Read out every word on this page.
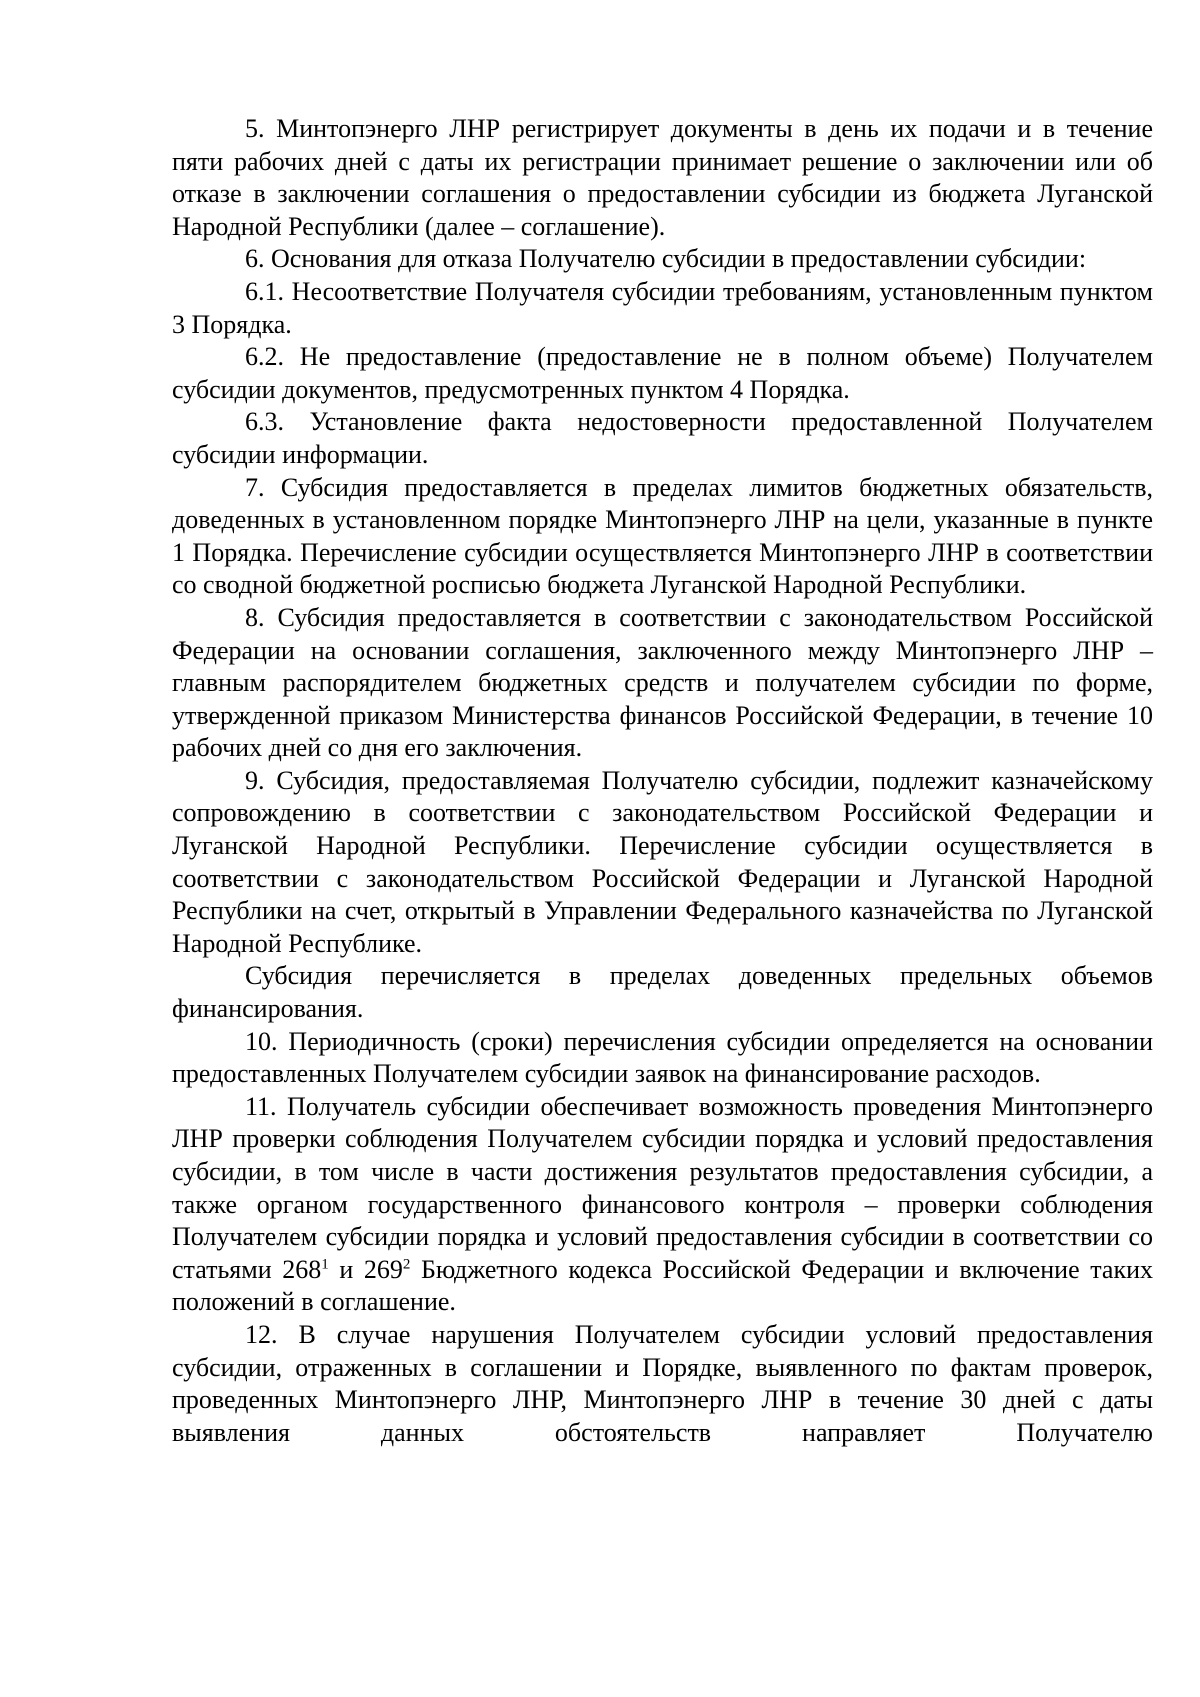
5. Минтопэнерго ЛНР регистрирует документы в день их подачи и в течение пяти рабочих дней с даты их регистрации принимает решение о заключении или об отказе в заключении соглашения о предоставлении субсидии из бюджета Луганской Народной Республики (далее – соглашение).

6. Основания для отказа Получателю субсидии в предоставлении субсидии:

6.1. Несоответствие Получателя субсидии требованиям, установленным пунктом 3 Порядка.

6.2. Не предоставление (предоставление не в полном объеме) Получателем субсидии документов, предусмотренных пунктом 4 Порядка.

6.3. Установление факта недостоверности предоставленной Получателем субсидии информации.

7. Субсидия предоставляется в пределах лимитов бюджетных обязательств, доведенных в установленном порядке Минтопэнерго ЛНР на цели, указанные в пункте 1 Порядка. Перечисление субсидии осуществляется Минтопэнерго ЛНР в соответствии со сводной бюджетной росписью бюджета Луганской Народной Республики.

8. Субсидия предоставляется в соответствии с законодательством Российской Федерации на основании соглашения, заключенного между Минтопэнерго ЛНР – главным распорядителем бюджетных средств и получателем субсидии по форме, утвержденной приказом Министерства финансов Российской Федерации, в течение 10 рабочих дней со дня его заключения.

9. Субсидия, предоставляемая Получателю субсидии, подлежит казначейскому сопровождению в соответствии с законодательством Российской Федерации и Луганской Народной Республики. Перечисление субсидии осуществляется в соответствии с законодательством Российской Федерации и Луганской Народной Республики на счет, открытый в Управлении Федерального казначейства по Луганской Народной Республике.

Субсидия перечисляется в пределах доведенных предельных объемов финансирования.

10. Периодичность (сроки) перечисления субсидии определяется на основании предоставленных Получателем субсидии заявок на финансирование расходов.

11. Получатель субсидии обеспечивает возможность проведения Минтопэнерго ЛНР проверки соблюдения Получателем субсидии порядка и условий предоставления субсидии, в том числе в части достижения результатов предоставления субсидии, а также органом государственного финансового контроля – проверки соблюдения Получателем субсидии порядка и условий предоставления субсидии в соответствии со статьями $268^1$ и $269^2$ Бюджетного кодекса Российской Федерации и включение таких положений в соглашение.

12. В случае нарушения Получателем субсидии условий предоставления субсидии, отраженных в соглашении и Порядке, выявленного по фактам проверок, проведенных Минтопэнерго ЛНР, Минтопэнерго ЛНР в течение 30 дней с даты выявления данных обстоятельств направляет Получателю
